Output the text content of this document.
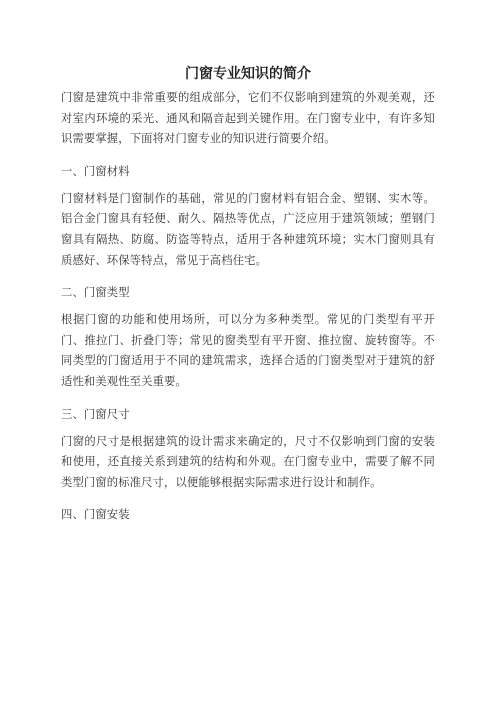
门窗专业知识的简介

门窗是建筑中非常重要的组成部分，它们不仅影响到建筑的外观美观，还对室内环境的采光、通风和隔音起到关键作用。在门窗专业中，有许多知识需要掌握，下面将对门窗专业的知识进行简要介绍。

一、门窗材料

门窗材料是门窗制作的基础，常见的门窗材料有铝合金、塑钢、实木等。铝合金门窗具有轻便、耐久、隔热等优点，广泛应用于建筑领域；塑钢门窗具有隔热、防腐、防盗等特点，适用于各种建筑环境；实木门窗则具有质感好、环保等特点，常见于高档住宅。

二、门窗类型

根据门窗的功能和使用场所，可以分为多种类型。常见的门类型有平开门、推拉门、折叠门等；常见的窗类型有平开窗、推拉窗、旋转窗等。不同类型的门窗适用于不同的建筑需求，选择合适的门窗类型对于建筑的舒适性和美观性至关重要。

三、门窗尺寸

门窗的尺寸是根据建筑的设计需求来确定的，尺寸不仅影响到门窗的安装和使用，还直接关系到建筑的结构和外观。在门窗专业中，需要了解不同类型门窗的标准尺寸，以便能够根据实际需求进行设计和制作。

四、门窗安装
